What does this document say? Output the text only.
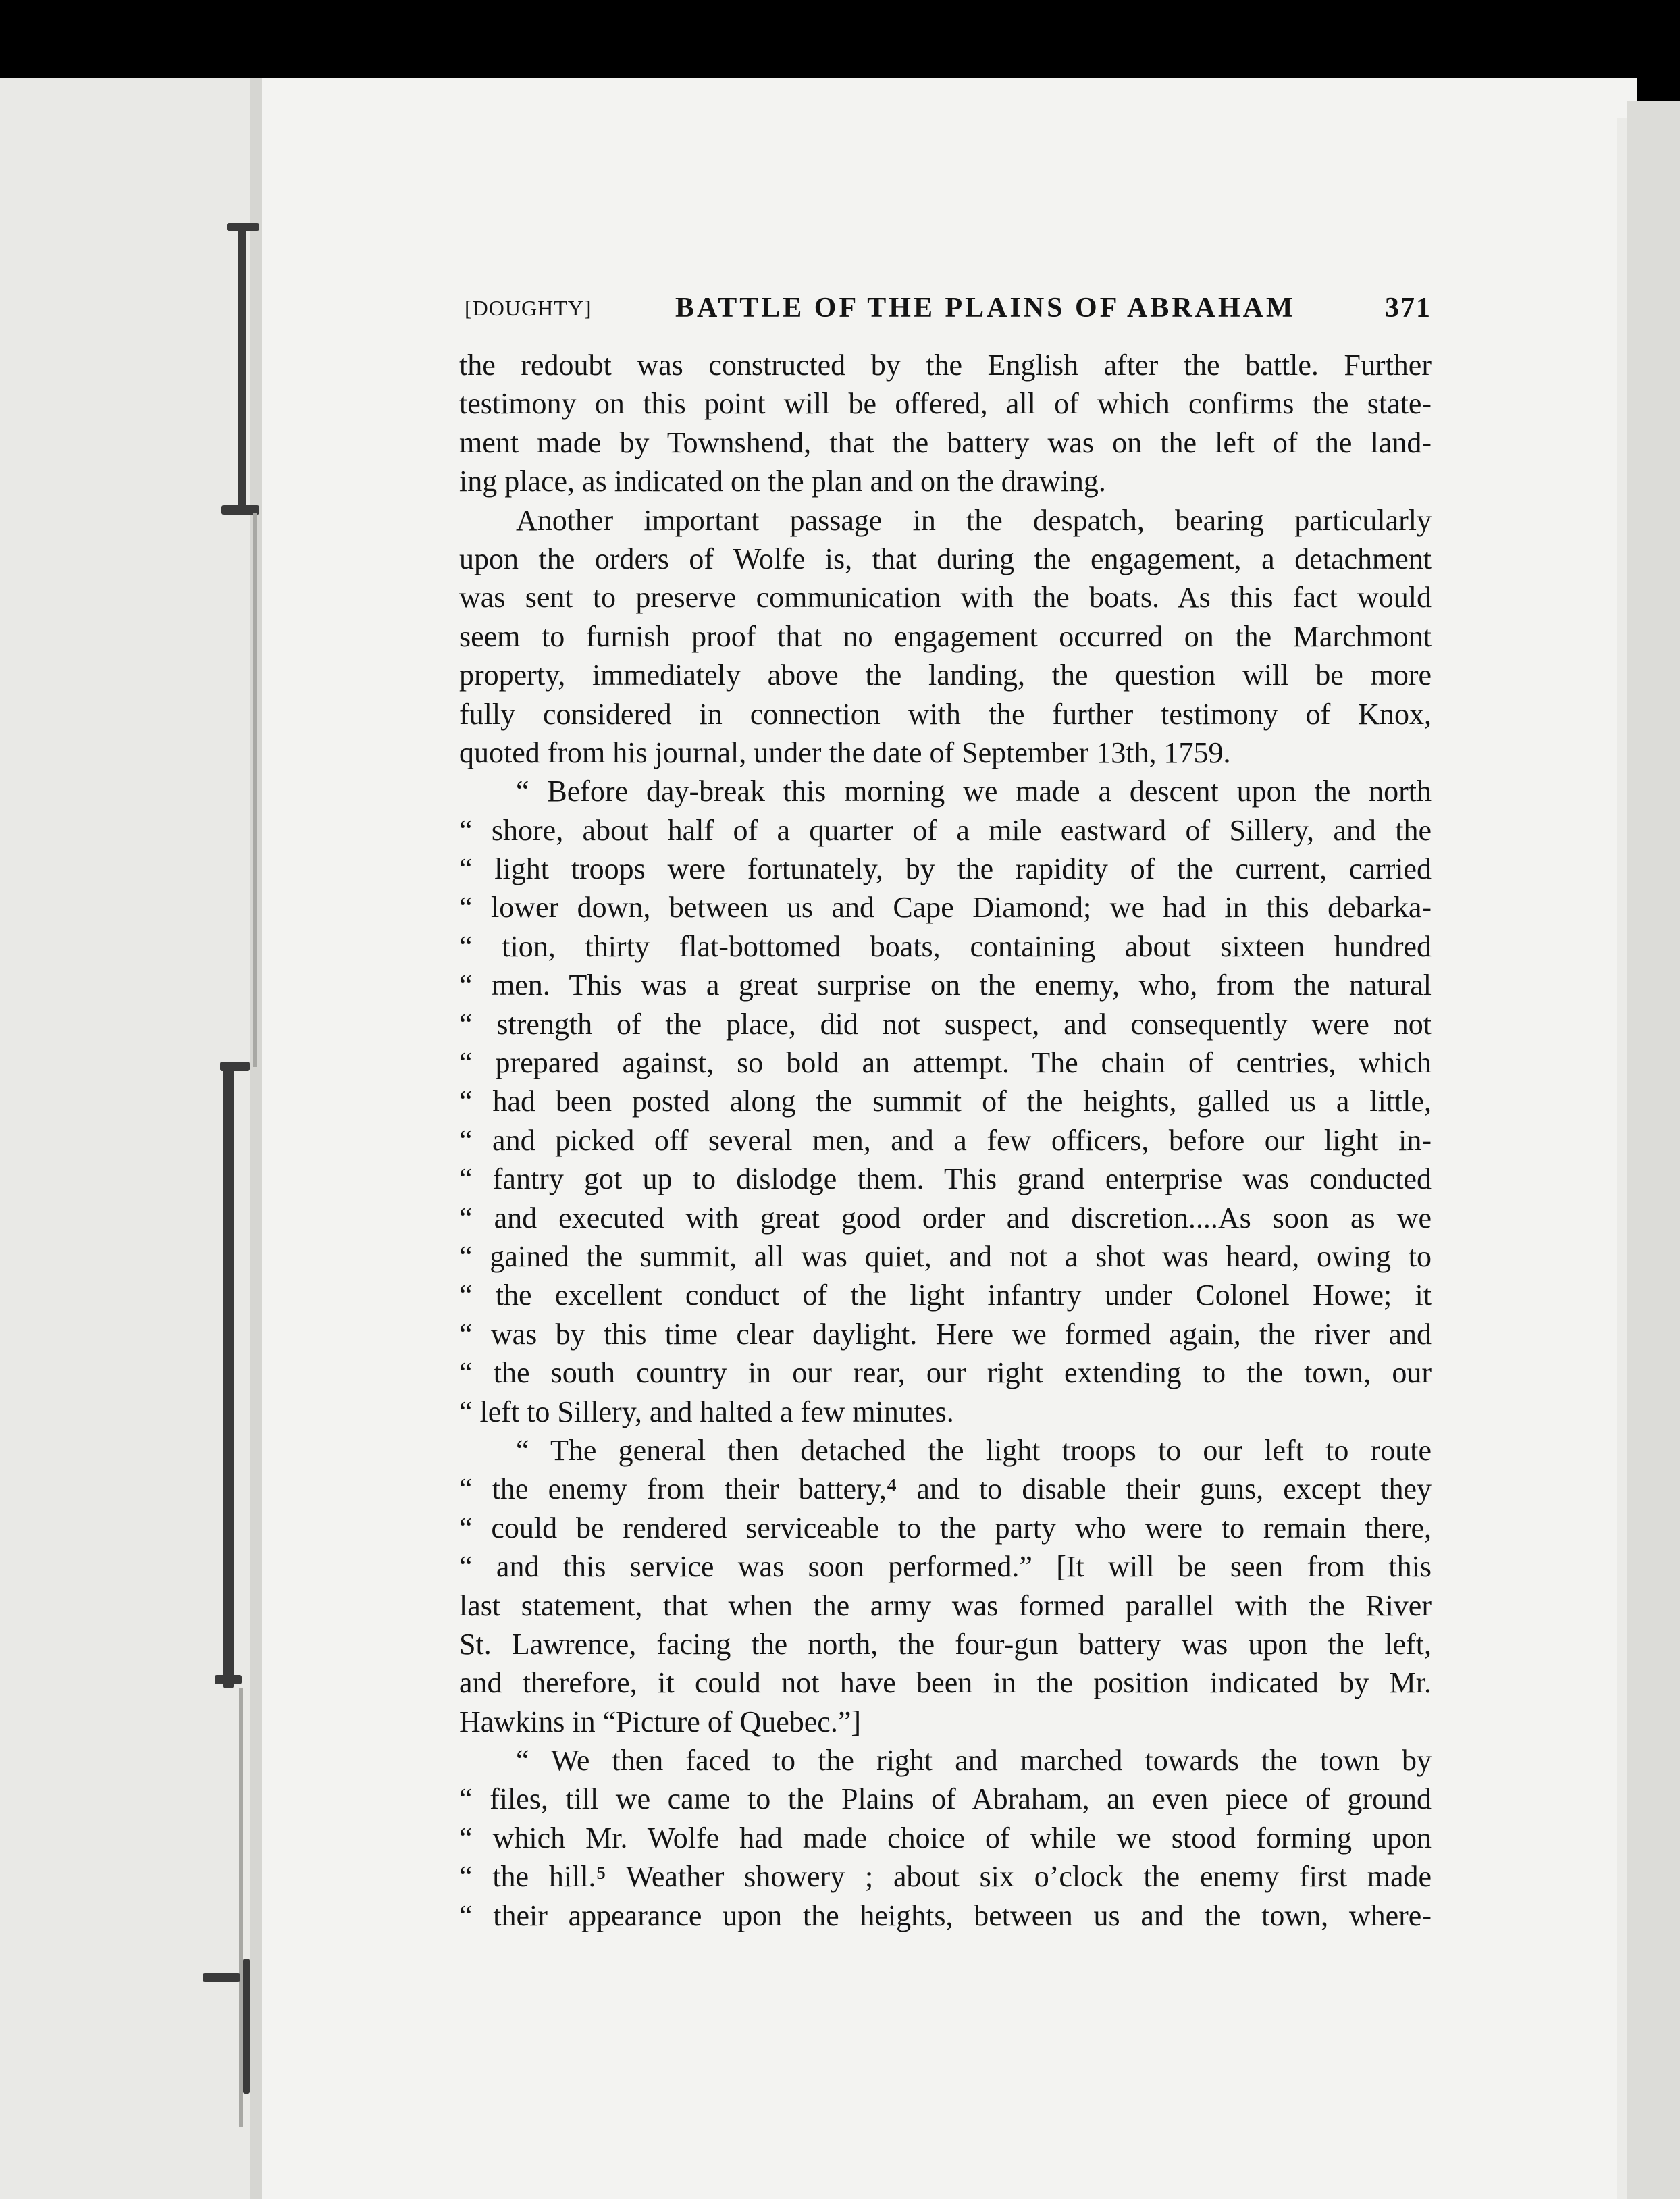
[DOUGHTY]	BATTLE OF THE PLAINS OF ABRAHAM	371
the redoubt was constructed by the English after the battle. Further
testimony on this point will be offered, all of which confirms the state-
ment made by Townshend, that the battery was on the left of the land-
ing place, as indicated on the plan and on the drawing.
Another important passage in the despatch, bearing particularly
upon the orders of Wolfe is, that during the engagement, a detachment
was sent to preserve communication with the boats. As this fact would
seem to furnish proof that no engagement occurred on the Marchmont
property, immediately above the landing, the question will be more
fully considered in connection with the further testimony of Knox,
quoted from his journal, under the date of September 13th, 1759.
“ Before day-break this morning we made a descent upon the north
“ shore, about half of a quarter of a mile eastward of Sillery, and the
“ light troops were fortunately, by the rapidity of the current, carried
“ lower down, between us and Cape Diamond; we had in this debarka-
“ tion, thirty flat-bottomed boats, containing about sixteen hundred
“ men. This was a great surprise on the enemy, who, from the natural
“ strength of the place, did not suspect, and consequently were not
“ prepared against, so bold an attempt. The chain of centries, which
“ had been posted along the summit of the heights, galled us a little,
“ and picked off several men, and a few officers, before our light in-
“ fantry got up to dislodge them. This grand enterprise was conducted
“ and executed with great good order and discretion....As soon as we
“ gained the summit, all was quiet, and not a shot was heard, owing to
“ the excellent conduct of the light infantry under Colonel Howe; it
“ was by this time clear daylight. Here we formed again, the river and
“ the south country in our rear, our right extending to the town, our
“ left to Sillery, and halted a few minutes.
“ The general then detached the light troops to our left to route
“ the enemy from their battery,⁴ and to disable their guns, except they
“ could be rendered serviceable to the party who were to remain there,
“ and this service was soon performed.” [It will be seen from this
last statement, that when the army was formed parallel with the River
St. Lawrence, facing the north, the four-gun battery was upon the left,
and therefore, it could not have been in the position indicated by Mr.
Hawkins in “Picture of Quebec.”]
“ We then faced to the right and marched towards the town by
“ files, till we came to the Plains of Abraham, an even piece of ground
“ which Mr. Wolfe had made choice of while we stood forming upon
“ the hill.⁵ Weather showery ; about six o’clock the enemy first made
“ their appearance upon the heights, between us and the town, where-
